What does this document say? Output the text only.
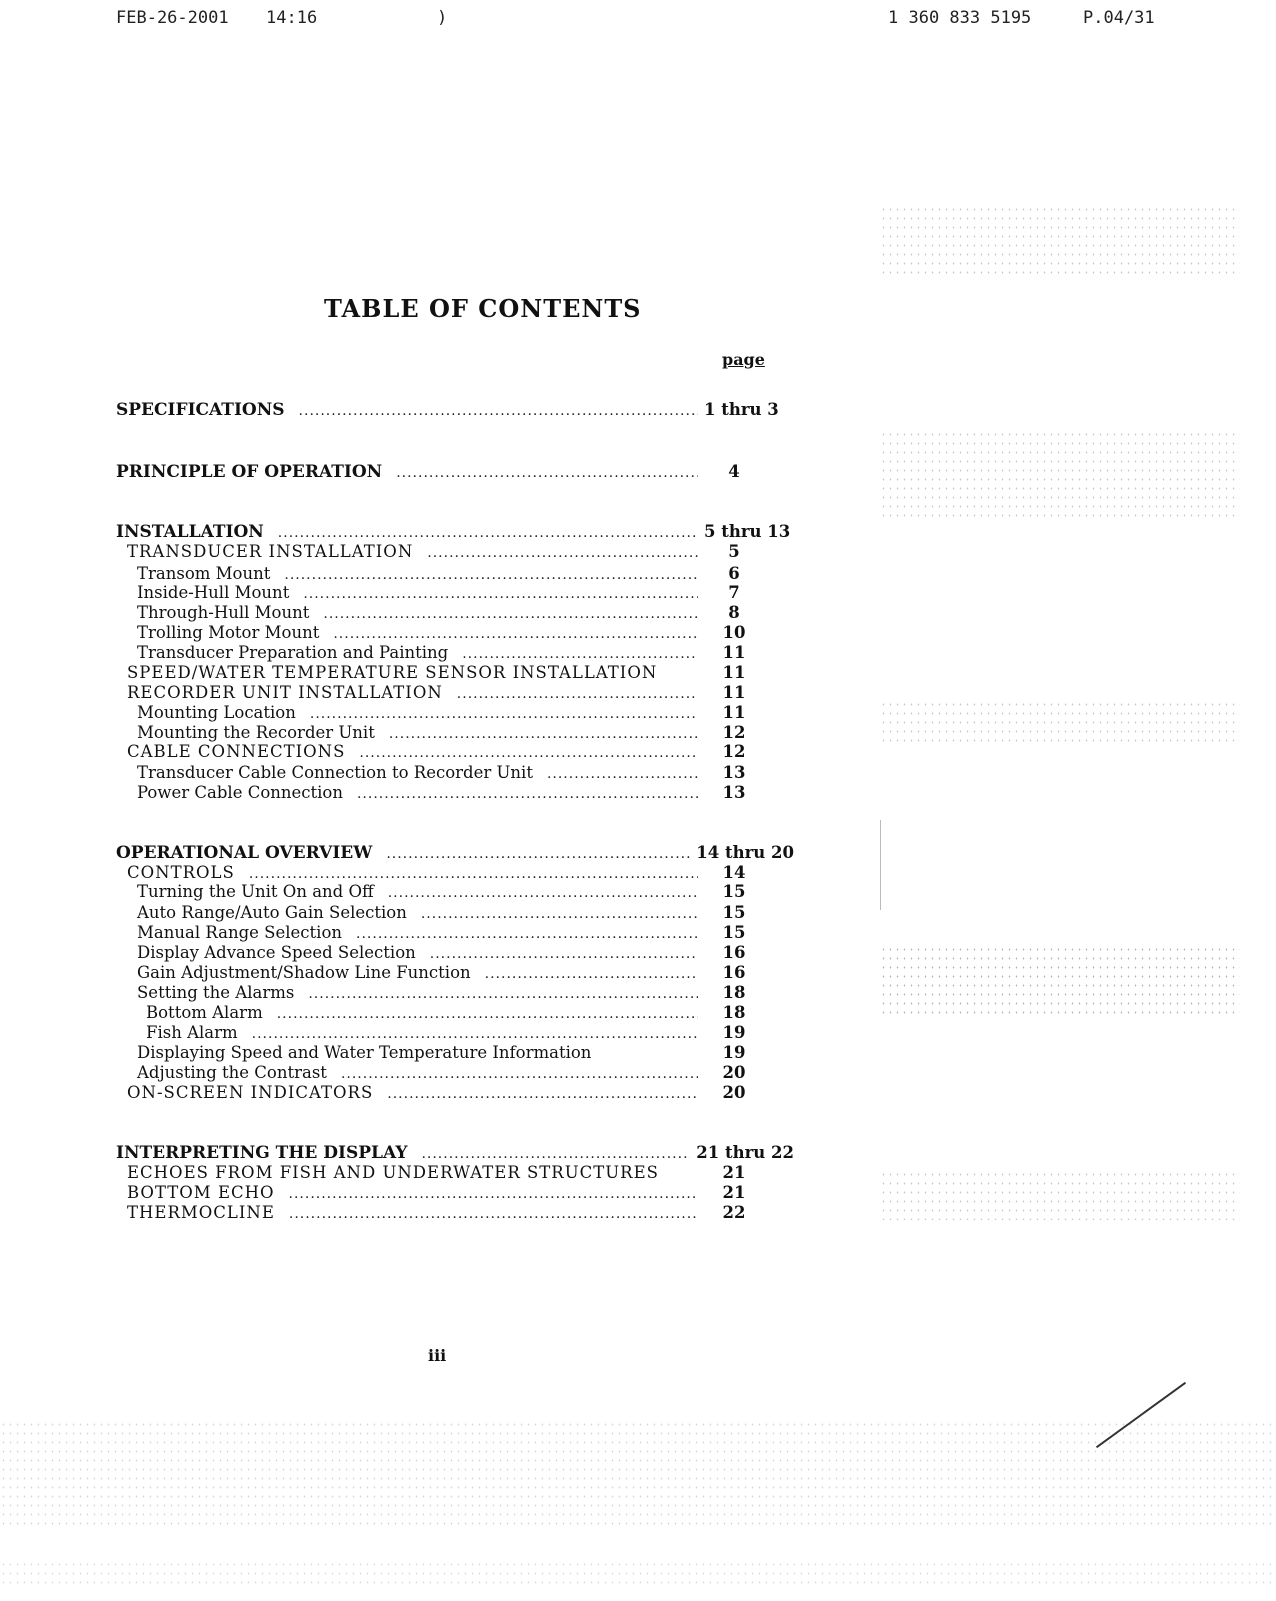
FEB-26-2001 14:16	)	1 360 833 5195	P.04/31
TABLE OF CONTENTS
page
SPECIFICATIONS .....	1 thru 3
PRINCIPLE OF OPERATION .....	4
INSTALLATION .....	5 thru 13
TRANSDUCER INSTALLATION .....	5
Transom Mount .....	6
Inside-Hull Mount .....	7
Through-Hull Mount .....	8
Trolling Motor Mount .....	10
Transducer Preparation and Painting .....	11
SPEED/WATER TEMPERATURE SENSOR INSTALLATION	11
RECORDER UNIT INSTALLATION .....	11
Mounting Location .....	11
Mounting the Recorder Unit .....	12
CABLE CONNECTIONS .....	12
Transducer Cable Connection to Recorder Unit .....	13
Power Cable Connection .....	13
OPERATIONAL OVERVIEW .....	14 thru 20
CONTROLS .....	14
Turning the Unit On and Off .....	15
Auto Range/Auto Gain Selection .....	15
Manual Range Selection .....	15
Display Advance Speed Selection .....	16
Gain Adjustment/Shadow Line Function .....	16
Setting the Alarms .....	18
Bottom Alarm .....	18
Fish Alarm .....	19
Displaying Speed and Water Temperature Information	19
Adjusting the Contrast .....	20
ON-SCREEN INDICATORS .....	20
INTERPRETING THE DISPLAY .....	21 thru 22
ECHOES FROM FISH AND UNDERWATER STRUCTURES	21
BOTTOM ECHO .....	21
THERMOCLINE .....	22
iii
